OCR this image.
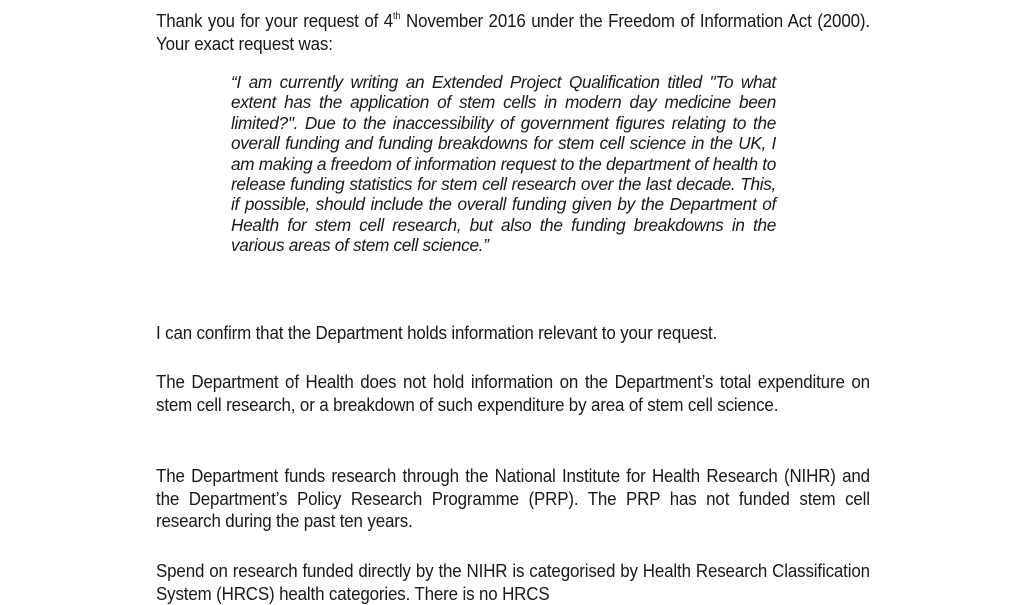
Thank you for your request of 4th November 2016 under the Freedom of Information Act (2000). Your exact request was:

“I am currently writing an Extended Project Qualification titled "To what extent has the application of stem cells in modern day medicine been limited?". Due to the inaccessibility of government figures relating to the overall funding and funding breakdowns for stem cell science in the UK, I am making a freedom of information request to the department of health to release funding statistics for stem cell research over the last decade. This, if possible, should include the overall funding given by the Department of Health for stem cell research, but also the funding breakdowns in the various areas of stem cell science.”

I can confirm that the Department holds information relevant to your request.

The Department of Health does not hold information on the Department’s total expenditure on stem cell research, or a breakdown of such expenditure by area of stem cell science.

The Department funds research through the National Institute for Health Research (NIHR) and the Department’s Policy Research Programme (PRP). The PRP has not funded stem cell research during the past ten years.

Spend on research funded directly by the NIHR is categorised by Health Research Classification System (HRCS) health categories. There is no HRCS
